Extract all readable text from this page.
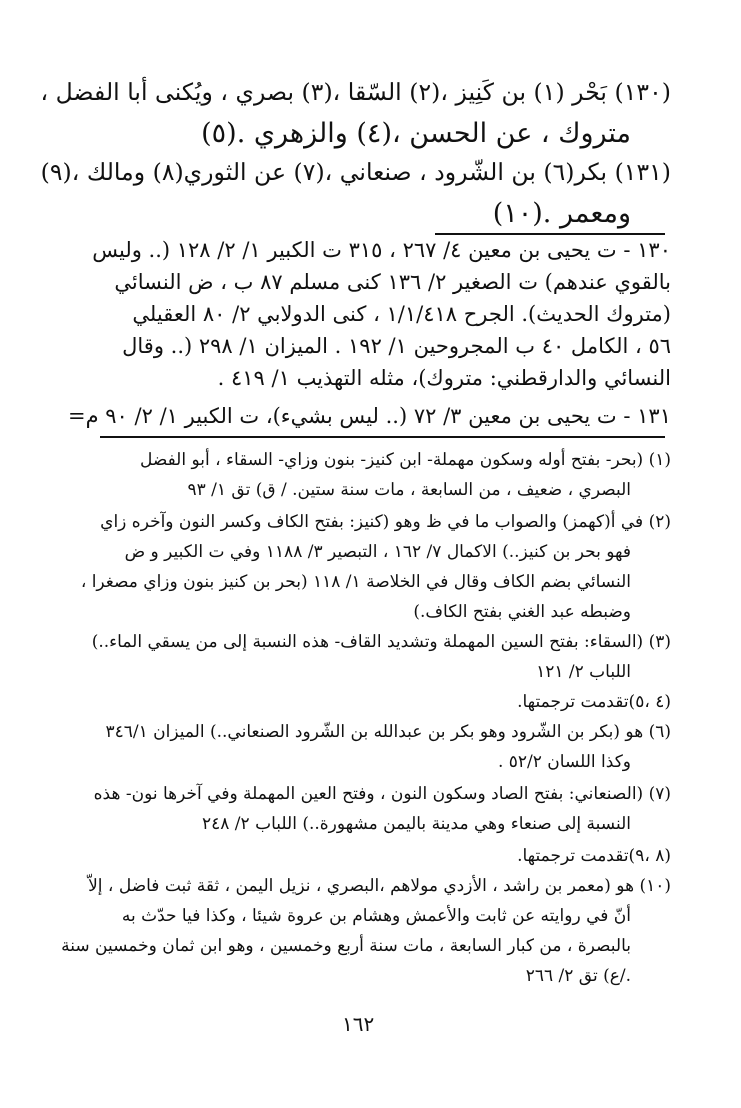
(١٣٠) بَحْر (١) بن كَنِيز ،(٢) السّقا ،(٣) بصري ، ويُكنى أبا الفضل ،
متروك ، عن الحسن ،(٤) والزهري .(٥)
(١٣١) بكر(٦) بن الشّرود ، صنعاني ،(٧) عن الثوري(٨) ومالك ،(٩)
ومعمر .(١٠)
١٣٠ - ت يحيى بن معين ٤/ ٢٦٧ ، ٣١٥ ت الكبير ١/ ٢/ ١٢٨ (.. وليس
بالقوي عندهم) ت الصغير ٢/ ١٣٦ كنى مسلم ٨٧ ب ، ض النسائي
(متروك الحديث). الجرح ١/١/٤١٨ ، كنى الدولابي ٢/ ٨٠ العقيلي
٥٦ ، الكامل ٤٠ ب المجروحين ١/ ١٩٢ . الميزان ١/ ٢٩٨ (.. وقال
النسائي والدارقطني: متروك)، مثله التهذيب ١/ ٤١٩ .
١٣١ - ت يحيى بن معين ٣/ ٧٢ (.. ليس بشيء)، ت الكبير ١/ ٢/ ٩٠ م=
(١) (بحر- بفتح أوله وسكون مهملة- ابن كنيز- بنون وزاي- السقاء ، أبو الفضل
البصري ، ضعيف ، من السابعة ، مات سنة ستين. / ق) تق ١/ ٩٣
(٢) في أ(كهمز) والصواب ما في ظ وهو (كنيز: بفتح الكاف وكسر النون وآخره زاي
فهو بحر بن كنيز..) الاكمال ٧/ ١٦٢ ، التبصير ٣/ ١١٨٨ وفي ت الكبير و ض
النسائي بضم الكاف وقال في الخلاصة ١/ ١١٨ (بحر بن كنيز بنون وزاي مصغرا ،
وضبطه عبد الغني بفتح الكاف.)
(٣) (السقاء: بفتح السين المهملة وتشديد القاف- هذه النسبة إلى من يسقي الماء..)
اللباب ٢/ ١٢١
(٤ ،٥)تقدمت ترجمتها.
(٦) هو (بكر بن الشّرود وهو بكر بن عبدالله بن الشّرود الصنعاني..) الميزان ٣٤٦/١
وكذا اللسان ٥٢/٢ .
(٧) (الصنعاني: بفتح الصاد وسكون النون ، وفتح العين المهملة وفي آخرها نون- هذه
النسبة إلى صنعاء وهي مدينة باليمن مشهورة..) اللباب ٢/ ٢٤٨
(٨ ،٩)تقدمت ترجمتها.
(١٠) هو (معمر بن راشد ، الأزدي مولاهم ،البصري ، نزيل اليمن ، ثقة ثبت فاضل ، إلاّ
أنّ في روايته عن ثابت والأعمش وهشام بن عروة شيئا ، وكذا فيا حدّث به
بالبصرة ، من كبار السابعة ، مات سنة أربع وخمسين ، وهو ابن ثمان وخمسين سنة
./ع) تق ٢/ ٢٦٦
١٦٢
